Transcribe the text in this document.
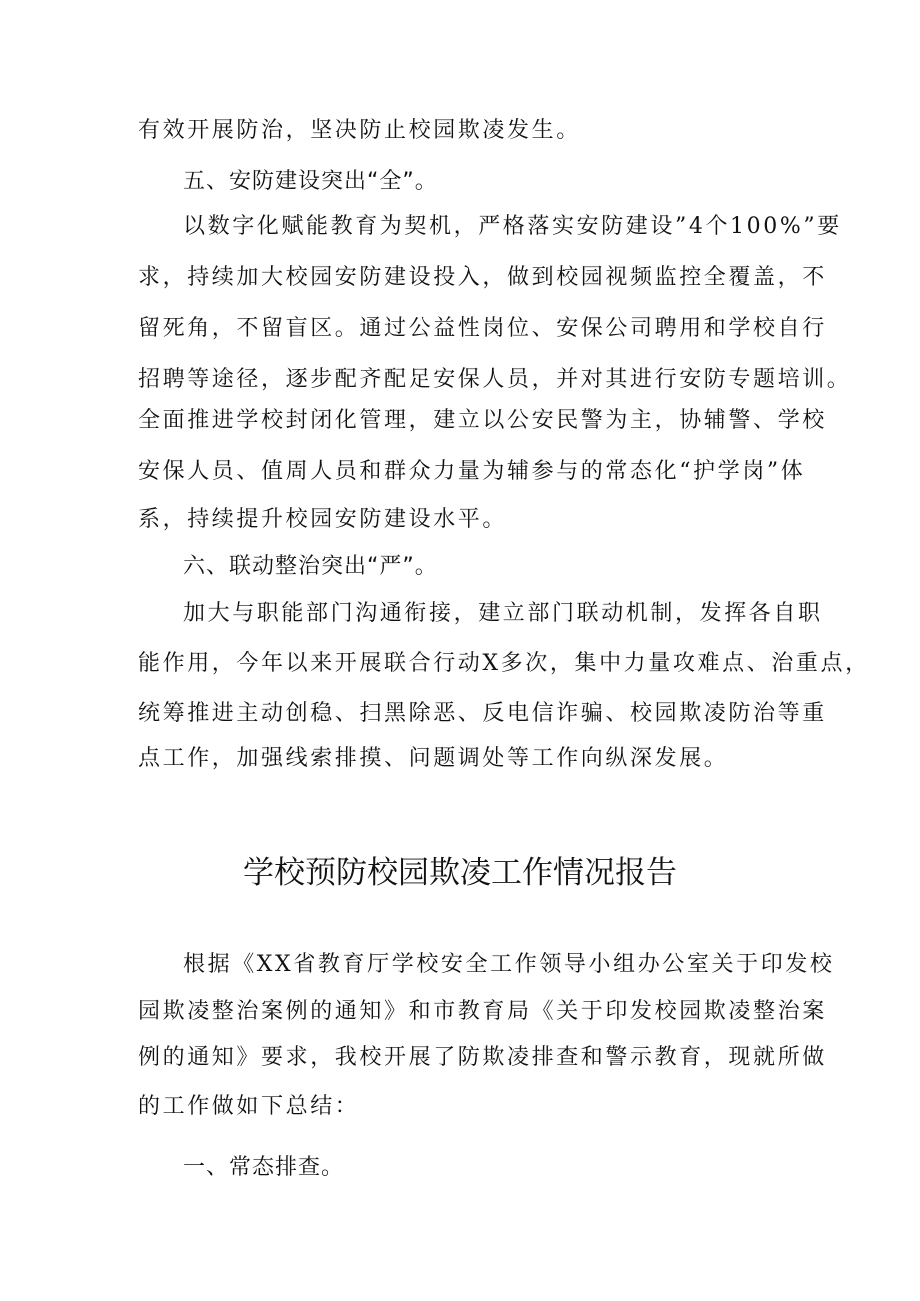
有效开展防治，坚决防止校园欺凌发生。
五、安防建设突出“全”。
以数字化赋能教育为契机，严格落实安防建设”4个100%”要
求，持续加大校园安防建设投入，做到校园视频监控全覆盖，不
留死角，不留盲区。通过公益性岗位、安保公司聘用和学校自行
招聘等途径，逐步配齐配足安保人员，并对其进行安防专题培训。
全面推进学校封闭化管理，建立以公安民警为主，协辅警、学校
安保人员、值周人员和群众力量为辅参与的常态化“护学岗”体
系，持续提升校园安防建设水平。
六、联动整治突出“严”。
加大与职能部门沟通衔接，建立部门联动机制，发挥各自职
能作用，今年以来开展联合行动X多次，集中力量攻难点、治重点，
统筹推进主动创稳、扫黑除恶、反电信诈骗、校园欺凌防治等重
点工作，加强线索排摸、问题调处等工作向纵深发展。
学校预防校园欺凌工作情况报告
根据《XX省教育厅学校安全工作领导小组办公室关于印发校
园欺凌整治案例的通知》和市教育局《关于印发校园欺凌整治案
例的通知》要求，我校开展了防欺凌排查和警示教育，现就所做
的工作做如下总结：
一、常态排查。
